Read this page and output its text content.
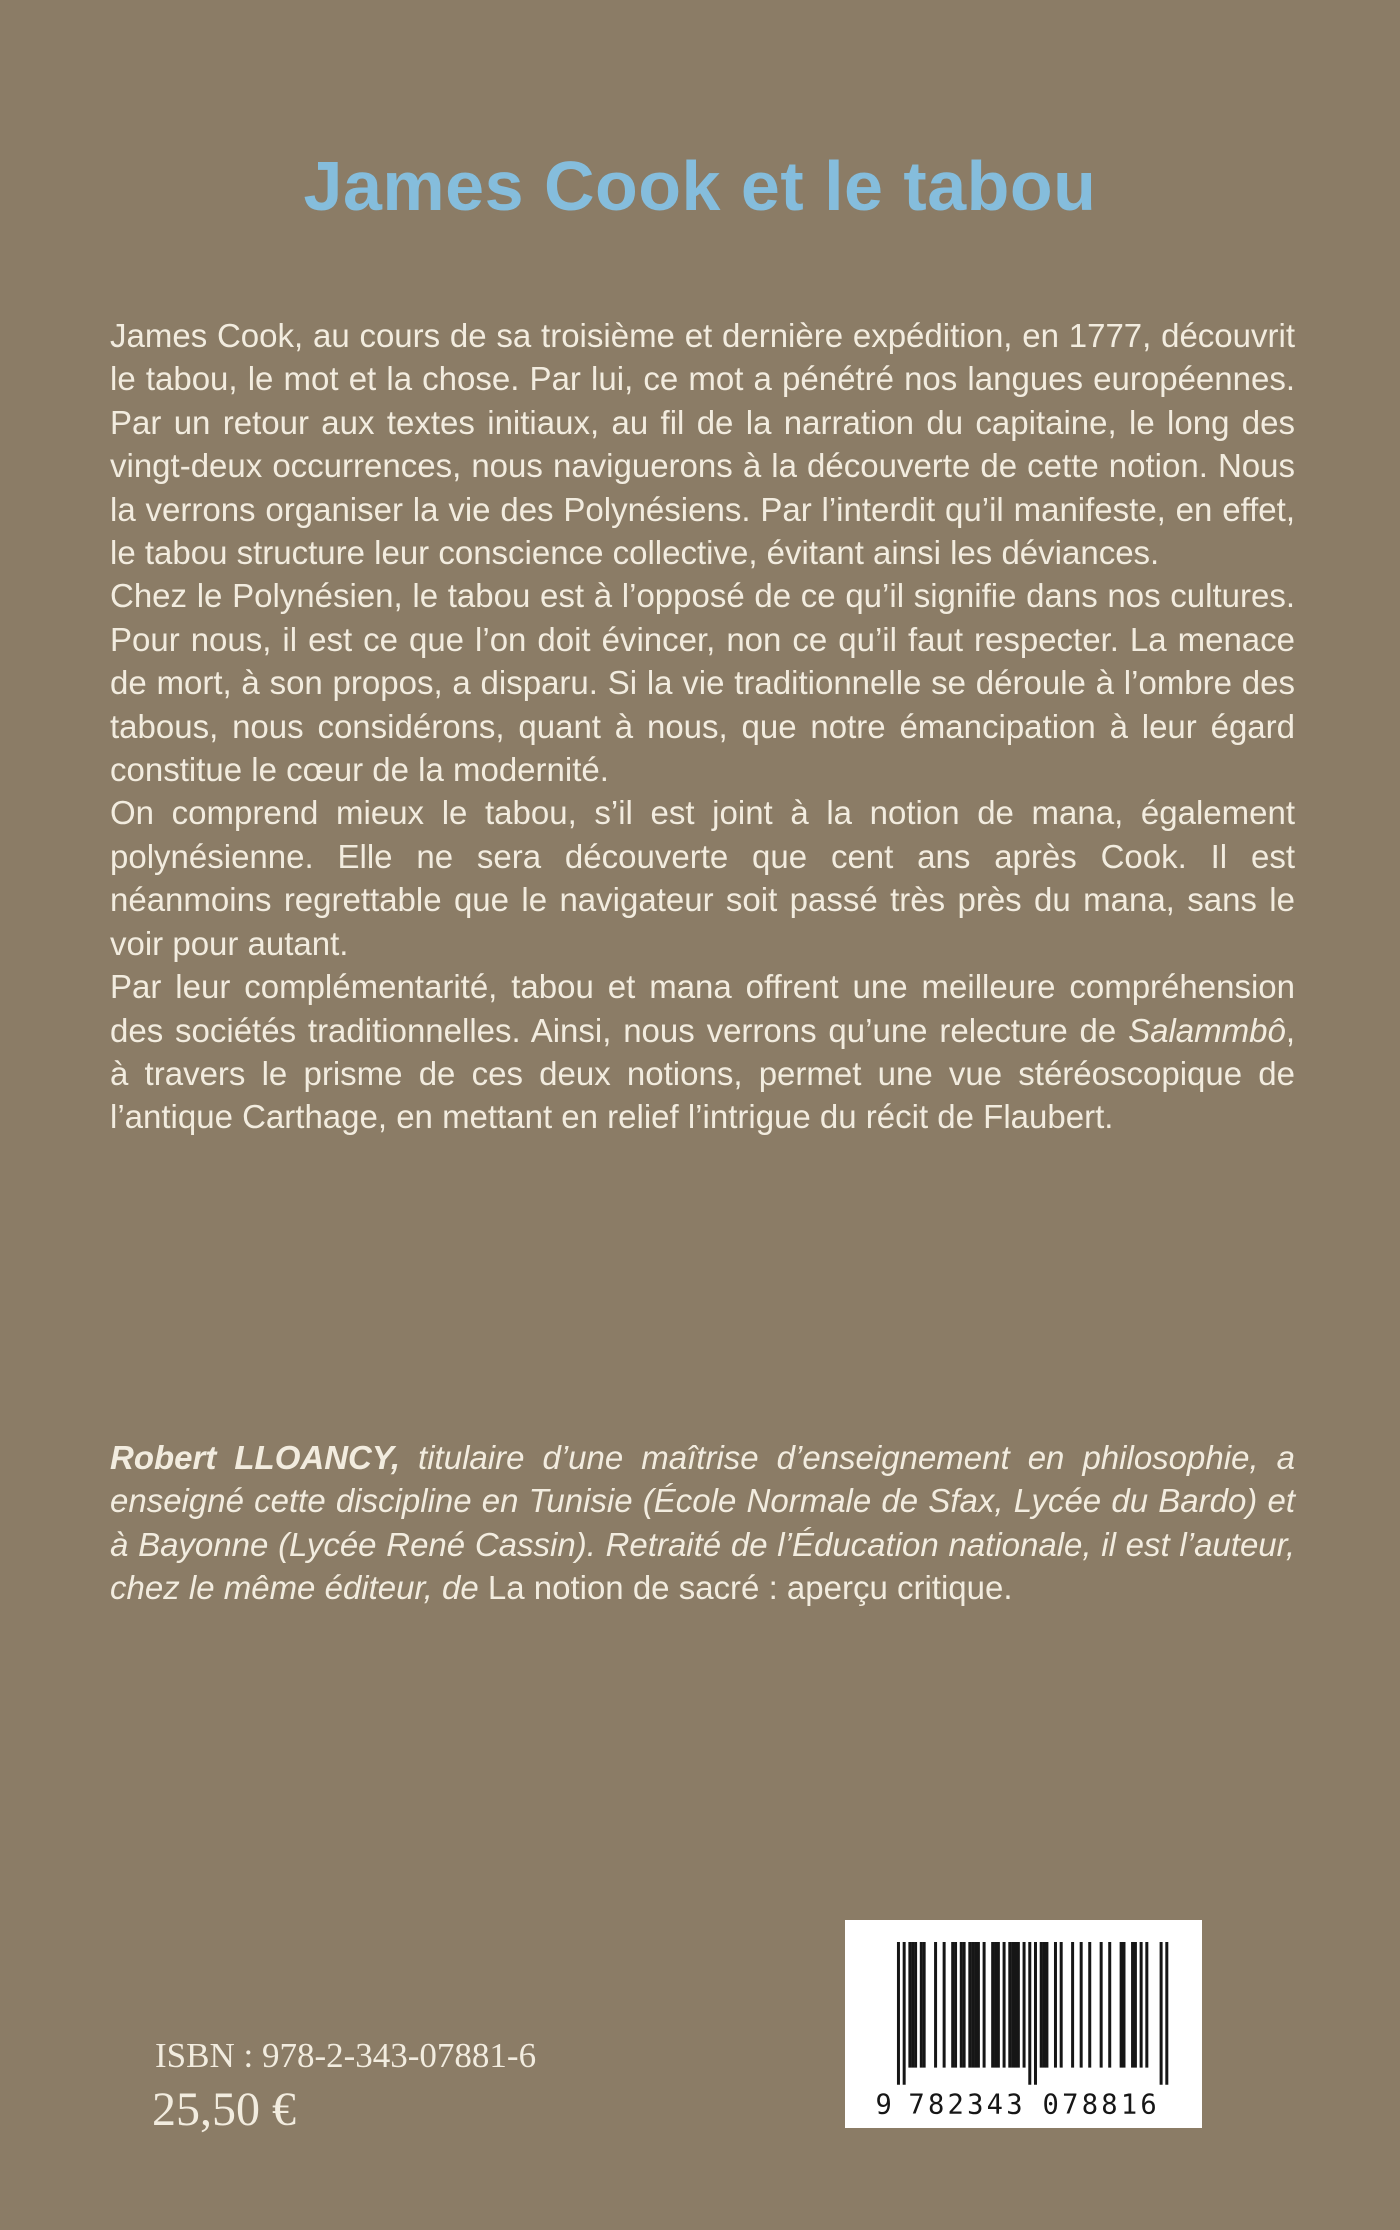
James Cook et le tabou

James Cook, au cours de sa troisième et dernière expédition, en 1777, découvrit le tabou, le mot et la chose. Par lui, ce mot a pénétré nos langues européennes. Par un retour aux textes initiaux, au fil de la narration du capitaine, le long des vingt-deux occurrences, nous naviguerons à la découverte de cette notion. Nous la verrons organiser la vie des Polynésiens. Par l’interdit qu’il manifeste, en effet, le tabou structure leur conscience collective, évitant ainsi les déviances.

Chez le Polynésien, le tabou est à l’opposé de ce qu’il signifie dans nos cultures. Pour nous, il est ce que l’on doit évincer, non ce qu’il faut respecter. La menace de mort, à son propos, a disparu. Si la vie traditionnelle se déroule à l’ombre des tabous, nous considérons, quant à nous, que notre émancipation à leur égard constitue le cœur de la modernité.

On comprend mieux le tabou, s’il est joint à la notion de mana, également polynésienne. Elle ne sera découverte que cent ans après Cook. Il est néanmoins regrettable que le navigateur soit passé très près du mana, sans le voir pour autant.

Par leur complémentarité, tabou et mana offrent une meilleure compréhension des sociétés traditionnelles. Ainsi, nous verrons qu’une relecture de Salammbô, à travers le prisme de ces deux notions, permet une vue stéréoscopique de l’antique Carthage, en mettant en relief l’intrigue du récit de Flaubert.

Robert LLOANCY, titulaire d’une maîtrise d’enseignement en philosophie, a enseigné cette discipline en Tunisie (École Normale de Sfax, Lycée du Bardo) et à Bayonne (Lycée René Cassin). Retraité de l’Éducation nationale, il est l’auteur, chez le même éditeur, de La notion de sacré : aperçu critique.

ISBN : 978-2-343-07881-6
25,50 €	9 782343 078816
